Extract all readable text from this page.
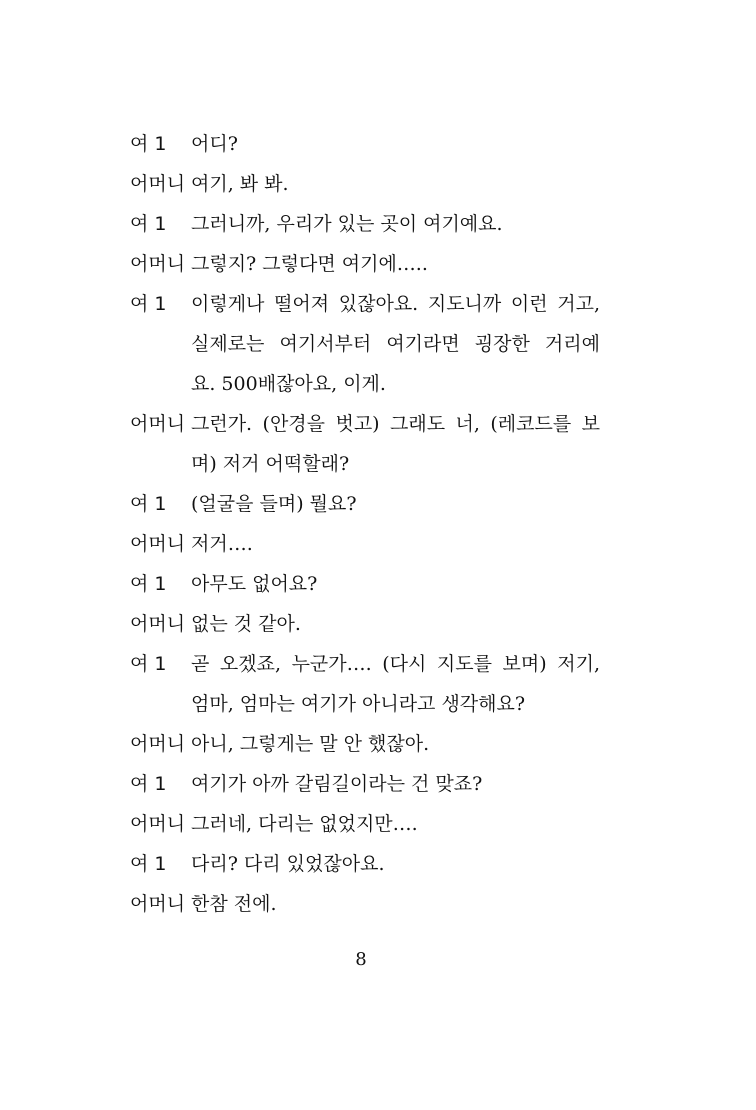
여 1 어디?
어머니 여기, 봐 봐.
여 1 그러니까, 우리가 있는 곳이 여기예요.
어머니 그렇지? 그렇다면 여기에…..
여 1 이렇게나 떨어져 있잖아요. 지도니까 이런 거고,
실제로는 여기서부터 여기라면 굉장한 거리예
요. 500배잖아요, 이게.
어머니 그런가. (안경을 벗고) 그래도 너, (레코드를 보
며) 저거 어떡할래?
여 1 (얼굴을 들며) 뭘요?
어머니 저거….
여 1 아무도 없어요?
어머니 없는 것 같아.
여 1 곧 오겠죠, 누군가…. (다시 지도를 보며) 저기,
엄마, 엄마는 여기가 아니라고 생각해요?
어머니 아니, 그렇게는 말 안 했잖아.
여 1 여기가 아까 갈림길이라는 건 맞죠?
어머니 그러네, 다리는 없었지만….
여 1 다리? 다리 있었잖아요.
어머니 한참 전에.
8
